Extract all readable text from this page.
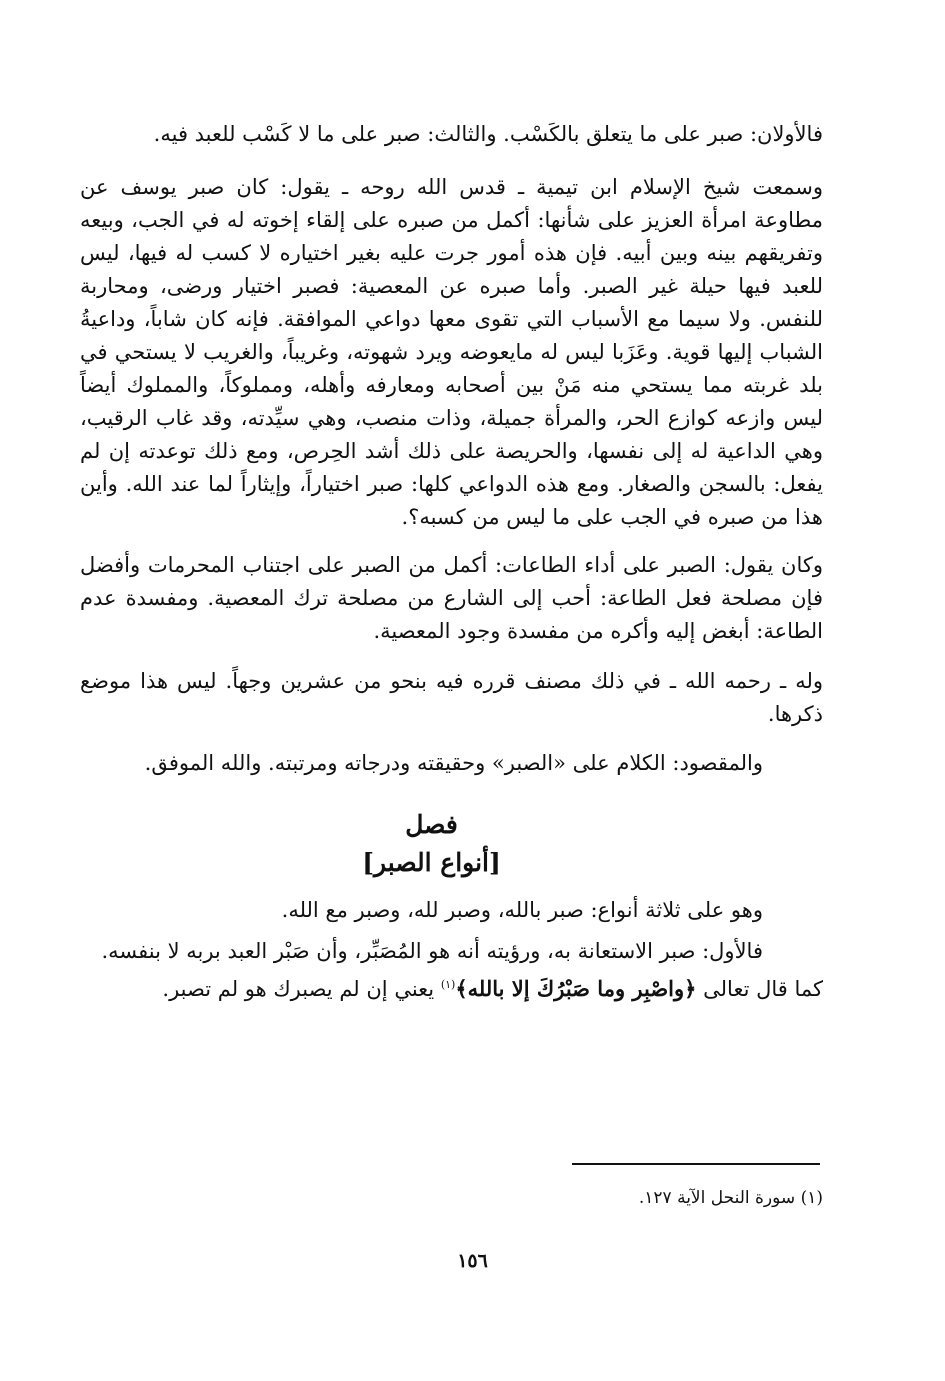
فالأولان: صبر على ما يتعلق بالكَسْب. والثالث: صبر على ما لا كَسْب للعبد فيه.

وسمعت شيخ الإسلام ابن تيمية ـ قدس الله روحه ـ يقول: كان صبر يوسف عن مطاوعة امرأة العزيز على شأنها: أكمل من صبره على إلقاء إخوته له في الجب، وبيعه وتفريقهم بينه وبين أبيه. فإن هذه أمور جرت عليه بغير اختياره لا كسب له فيها، ليس للعبد فيها حيلة غير الصبر. وأما صبره عن المعصية: فصبر اختيار ورضى، ومحاربة للنفس. ولا سيما مع الأسباب التي تقوى معها دواعي الموافقة. فإنه كان شاباً، وداعيةُ الشباب إليها قوية. وعَزَبا ليس له مايعوضه ويرد شهوته، وغريباً، والغريب لا يستحي في بلد غربته مما يستحي منه مَنْ بين أصحابه ومعارفه وأهله، ومملوكاً، والمملوك أيضاً ليس وازعه كوازع الحر، والمرأة جميلة، وذات منصب، وهي سيِّدته، وقد غاب الرقيب، وهي الداعية له إلى نفسها، والحريصة على ذلك أشد الحِرص، ومع ذلك توعدته إن لم يفعل: بالسجن والصغار. ومع هذه الدواعي كلها: صبر اختياراً، وإيثاراً لما عند الله. وأين هذا من صبره في الجب على ما ليس من كسبه؟.

وكان يقول: الصبر على أداء الطاعات: أكمل من الصبر على اجتناب المحرمات وأفضل فإن مصلحة فعل الطاعة: أحب إلى الشارع من مصلحة ترك المعصية. ومفسدة عدم الطاعة: أبغض إليه وأكره من مفسدة وجود المعصية.

وله ـ رحمه الله ـ في ذلك مصنف قرره فيه بنحو من عشرين وجهاً. ليس هذا موضع ذكرها.

والمقصود: الكلام على «الصبر» وحقيقته ودرجاته ومرتبته. والله الموفق.

فصل
[أنواع الصبر]

وهو على ثلاثة أنواع: صبر بالله، وصبر لله، وصبر مع الله.

فالأول: صبر الاستعانة به، ورؤيته أنه هو المُصَبِّر، وأن صَبْر العبد بربه لا بنفسه.
كما قال تعالى ﴿واصْبِر وما صَبْرُكَ إلا بالله﴾$^{(١)}$ يعني إن لم يصبرك هو لم تصبر.
(١) سورة النحل الآية ١٢٧.
١٥٦
